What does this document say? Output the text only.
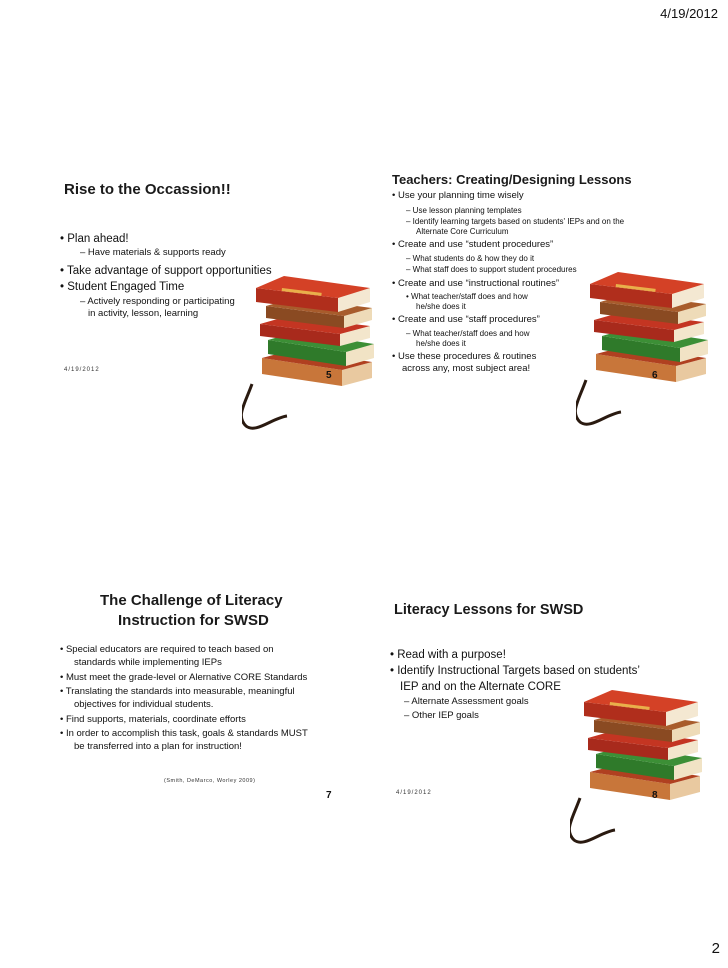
4/19/2012
2
Rise to the Occassion!!
• Plan ahead!
– Have materials & supports ready
• Take advantage of support opportunities
• Student Engaged Time
– Actively responding or participating
in activity, lesson, learning
4/19/2012	5
Teachers: Creating/Designing Lessons
• Use your planning time wisely
– Use lesson planning templates
– Identify learning targets based on students' IEPs and on the
Alternate Core Curriculum
• Create and use “student procedures”
– What students do & how they do it
– What staff does to support student procedures
• Create and use “instructional routines”
• What teacher/staff does and how
he/she does it
• Create and use “staff procedures”
– What teacher/staff does and how
he/she does it
• Use these procedures & routines
across any, most subject area!
6
The Challenge of Literacy
Instruction for SWSD
• Special educators are required to teach based on
standards while implementing IEPs
• Must meet the grade-level or Alernative CORE Standards
• Translating the standards into measurable, meaningful
objectives for individual students.
• Find supports, materials, coordinate efforts
• In order to accomplish this task, goals & standards MUST
be transferred into a plan for instruction!
(Smith, DeMarco, Worley 2009)
7
Literacy Lessons for SWSD
• Read with a purpose!
• Identify Instructional Targets based on students’
IEP and on the Alternate CORE
– Alternate Assessment goals
– Other IEP goals
4/19/2012	8
